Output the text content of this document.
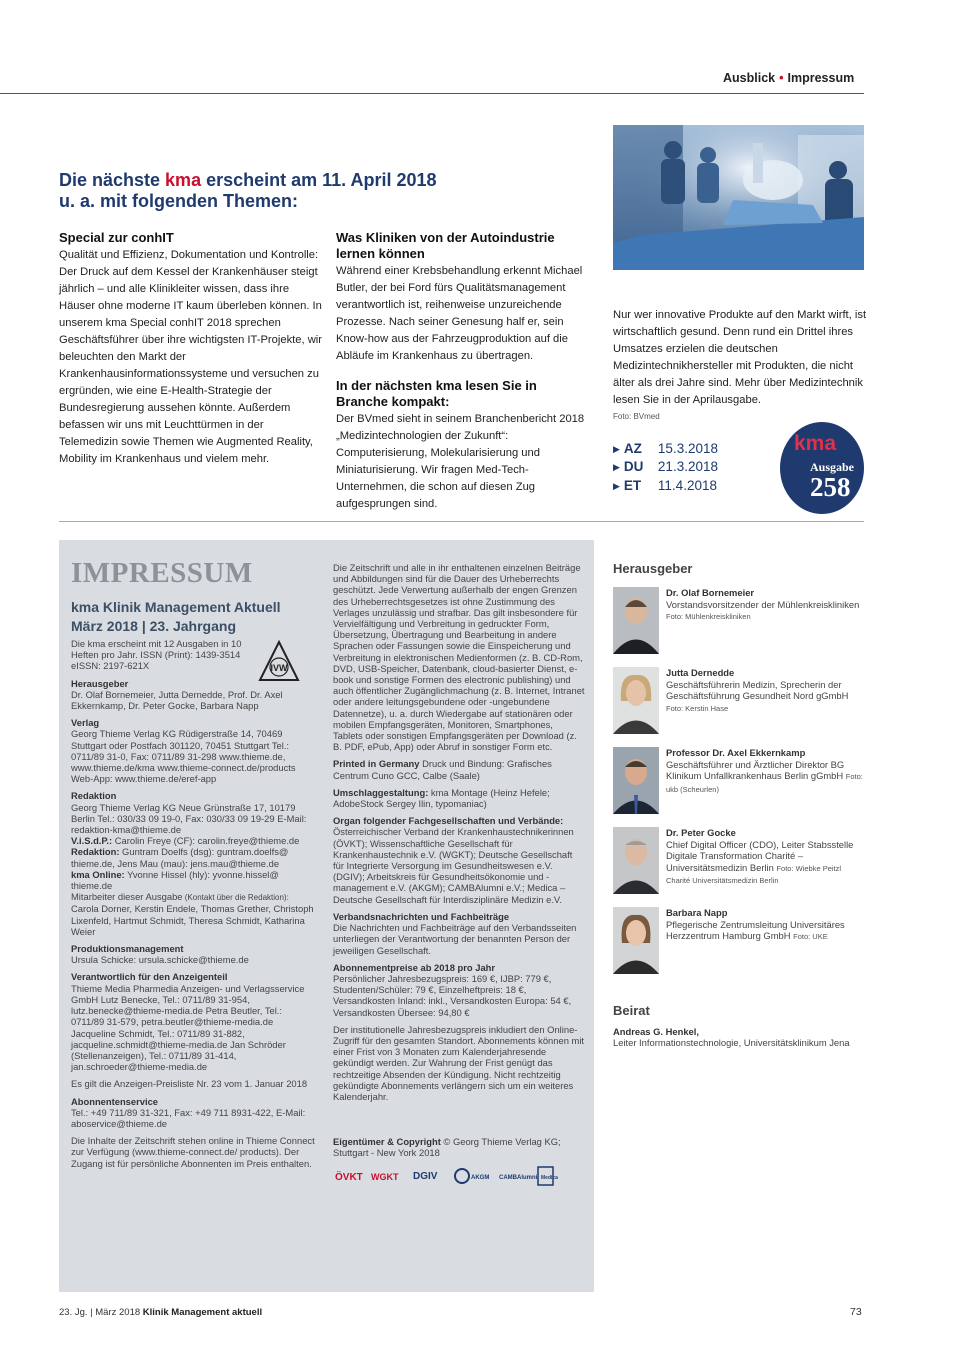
Ausblick • Impressum
Die nächste kma erscheint am 11. April 2018
u. a. mit folgenden Themen:
Special zur conhIT

Qualität und Effizienz, Dokumentation und Kontrolle: Der Druck auf dem Kessel der Krankenhäuser steigt jährlich – und alle Klinikleiter wissen, dass ihre Häuser ohne moderne IT kaum überleben können. In unserem kma Special conhIT 2018 sprechen Geschäftsführer über ihre wichtigsten IT-Projekte, wir beleuchten den Markt der Krankenhausinformationssysteme und versuchen zu ergründen, wie eine E-Health-Strategie der Bundesregierung aussehen könnte. Außerdem befassen wir uns mit Leuchttürmen in der Telemedizin sowie Themen wie Augmented Reality, Mobility im Krankenhaus und vielem mehr.

Was Kliniken von der Autoindustrie lernen können

Während einer Krebsbehandlung erkennt Michael Butler, der bei Ford fürs Qualitätsmanagement verantwortlich ist, reihenweise unzureichende Prozesse. Nach seiner Genesung half er, sein Know-how aus der Fahrzeugproduktion auf die Abläufe im Krankenhaus zu übertragen.

In der nächsten kma lesen Sie in Branche kompakt:

Der BVmed sieht in seinem Branchenbericht 2018 „Medizintechnologien der Zukunft“: Computerisierung, Molekularisierung und Miniaturisierung. Wir fragen Med-Tech-Unternehmen, die schon auf diesen Zug aufgesprungen sind.

Nur wer innovative Produkte auf den Markt wirft, ist wirtschaftlich gesund. Denn rund ein Drittel ihres Umsatzes erzielen die deutschen Medizintechnikhersteller mit Produkten, die nicht älter als drei Jahre sind. Mehr über Medizintechnik lesen Sie in der Aprilausgabe.
Foto: BVmed
▶ AZ 15.3.2018
▶ DU 21.3.2018
▶ ET 11.4.2018
kma
Ausgabe
258
IMPRESSUM
kma Klinik Management Aktuell
März 2018 | 23. Jahrgang
IVW
Die kma erscheint mit 12 Ausgaben in 10 Heften pro Jahr. ISSN (Print): 1439-3514 eISSN: 2197-621X
Herausgeber
Dr. Olaf Bornemeier, Jutta Dernedde, Prof. Dr. Axel Ekkernkamp, Dr. Peter Gocke, Barbara Napp
Verlag
Georg Thieme Verlag KG Rüdigerstraße 14, 70469 Stuttgart oder Postfach 301120, 70451 Stuttgart Tel.: 0711/89 31-0, Fax: 0711/89 31-298 www.thieme.de, www.thieme.de/kma www.thieme-connect.de/products Web-App: www.thieme.de/eref-app
Redaktion
Georg Thieme Verlag KG Neue Grünstraße 17, 10179 Berlin Tel.: 030/33 09 19-0, Fax: 030/33 09 19-29 E-Mail: redaktion-kma@thieme.de
V.i.S.d.P.: Carolin Freye (CF): carolin.freye@thieme.de
Redaktion: Guntram Doelfs (dsg): guntram.doelfs@ thieme.de, Jens Mau (mau): jens.mau@thieme.de
kma Online: Yvonne Hissel (hly): yvonne.hissel@ thieme.de
Mitarbeiter dieser Ausgabe (Kontakt über die Redaktion):
Carola Dorner, Kerstin Endele, Thomas Grether, Christoph Lixenfeld, Hartmut Schmidt, Theresa Schmidt, Katharina Weier
Produktionsmanagement
Ursula Schicke: ursula.schicke@thieme.de
Verantwortlich für den Anzeigenteil
Thieme Media Pharmedia Anzeigen- und Verlagsservice GmbH Lutz Benecke, Tel.: 0711/89 31-954, lutz.benecke@thieme-media.de Petra Beutler, Tel.: 0711/89 31-579, petra.beutler@thieme-media.de Jacqueline Schmidt, Tel.: 0711/89 31-882, jacqueline.schmidt@thieme-media.de Jan Schröder (Stellenanzeigen), Tel.: 0711/89 31-414, jan.schroeder@thieme-media.de
Es gilt die Anzeigen-Preisliste Nr. 23 vom 1. Januar 2018
Abonnentenservice
Tel.: +49 711/89 31-321, Fax: +49 711 8931-422, E-Mail: aboservice@thieme.de
Die Inhalte der Zeitschrift stehen online in Thieme Connect zur Verfügung (www.thieme-connect.de/ products). Der Zugang ist für persönliche Abonnenten im Preis enthalten.
Die Zeitschrift und alle in ihr enthaltenen einzelnen Beiträge und Abbildungen sind für die Dauer des Urheberrechts geschützt. Jede Verwertung außerhalb der engen Grenzen des Urheberrechtsgesetzes ist ohne Zustimmung des Verlages unzulässig und strafbar. Das gilt insbesondere für Vervielfältigung und Verbreitung in gedruckter Form, Übersetzung, Übertragung und Bearbeitung in andere Sprachen oder Fassungen sowie die Einspeicherung und Verbreitung in elektronischen Medienformen (z. B. CD-Rom, DVD, USB-Speicher, Datenbank, cloud-basierter Dienst, e-book und sonstige Formen des electronic publishing) und auch öffentlicher Zugänglichmachung (z. B. Internet, Intranet oder andere leitungsgebundene oder -ungebundene Datennetze), u. a. durch Wiedergabe auf stationären oder mobilen Empfangsgeräten, Monitoren, Smartphones, Tablets oder sonstigen Empfangsgeräten per Download (z. B. PDF, ePub, App) oder Abruf in sonstiger Form etc.
Printed in Germany Druck und Bindung: Grafisches Centrum Cuno GCC, Calbe (Saale)
Umschlaggestaltung: kma Montage (Heinz Hefele; AdobeStock Sergey Ilin, typomaniac)
Organ folgender Fachgesellschaften und Verbände:
Österreichischer Verband der Krankenhaustechnikerinnen (ÖVKT); Wissenschaftliche Gesellschaft für Krankenhaustechnik e.V. (WGKT); Deutsche Gesellschaft für Integrierte Versorgung im Gesundheitswesen e.V. (DGIV); Arbeitskreis für Gesundheitsökonomie und -management e.V. (AKGM); CAMBAlumni e.V.; Medica – Deutsche Gesellschaft für Interdisziplinäre Medizin e.V.
Verbandsnachrichten und Fachbeiträge
Die Nachrichten und Fachbeiträge auf den Verbandsseiten unterliegen der Verantwortung der benannten Person der jeweiligen Gesellschaft.
Abonnementpreise ab 2018 pro Jahr
Persönlicher Jahresbezugspreis: 169 €, IJBP: 779 €, Studenten/Schüler: 79 €, Einzelheftpreis: 18 €, Versandkosten Inland: inkl., Versandkosten Europa: 54 €, Versandkosten Übersee: 94,80 €
Der institutionelle Jahresbezugspreis inkludiert den Online-Zugriff für den gesamten Standort. Abonnements können mit einer Frist von 3 Monaten zum Kalenderjahresende gekündigt werden. Zur Wahrung der Frist genügt das rechtzeitige Absenden der Kündigung. Nicht rechtzeitig gekündigte Abonnements verlängern sich um ein weiteres Kalenderjahr.
Eigentümer & Copyright © Georg Thieme Verlag KG; Stuttgart - New York 2018
ÖVKT WGKT DGIV	AKGM CAMBAlumni Medica
Herausgeber
Dr. Olaf Bornemeier
Vorstandsvorsitzender der Mühlenkreiskliniken Foto: Mühlenkreiskliniken
Jutta Dernedde
Geschäftsführerin Medizin, Sprecherin der Geschäftsführung Gesundheit Nord gGmbH Foto: Kerstin Hase
Professor Dr. Axel Ekkernkamp
Geschäftsführer und Ärztlicher Direktor BG Klinikum Unfallkrankenhaus Berlin gGmbH Foto: ukb (Scheurlen)
Dr. Peter Gocke
Chief Digital Officer (CDO), Leiter Stabsstelle Digitale Transformation Charité – Universitätsmedizin Berlin Foto: Wiebke Peitzl Charité Universitätsmedizin Berlin
Barbara Napp
Pflegerische Zentrumsleitung Universitäres Herzzentrum Hamburg GmbH Foto: UKE
Beirat
Andreas G. Henkel,
Leiter Informationstechnologie, Universitätsklinikum Jena
23. Jg. | März 2018 Klinik Management aktuell	73
